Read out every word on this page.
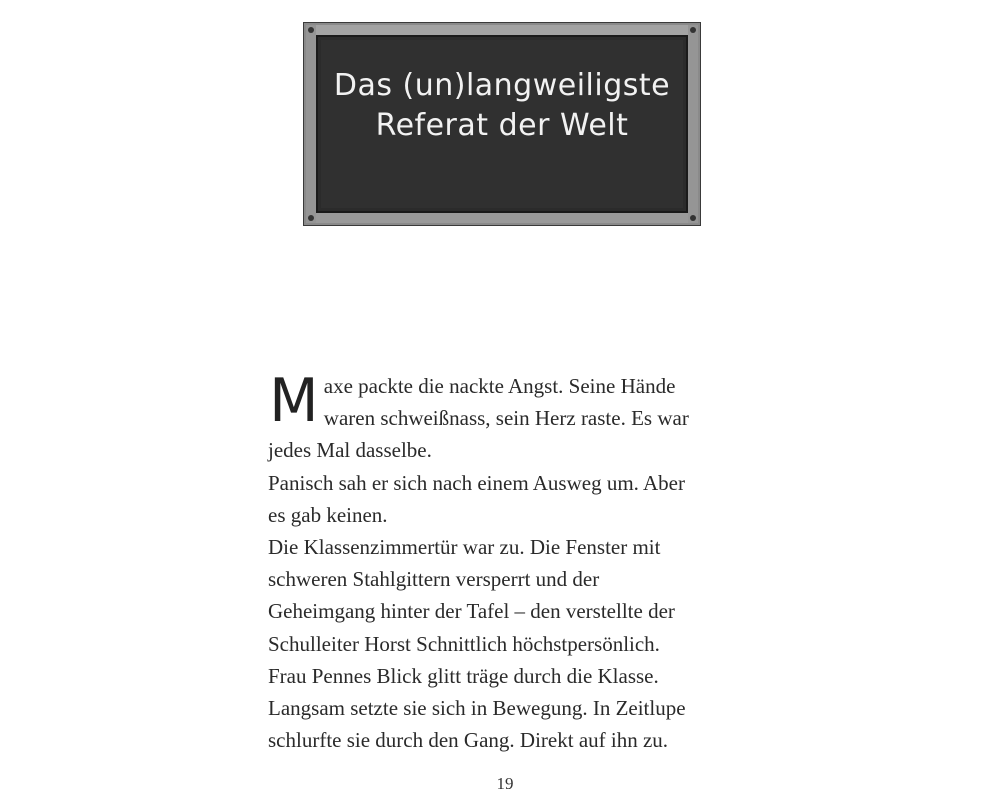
Das (un)langweiligste
Referat der Welt
M axe packte die nackte Angst. Seine Hände
waren schweißnass, sein Herz raste. Es war
jedes Mal dasselbe.
Panisch sah er sich nach einem Ausweg um. Aber
es gab keinen.
Die Klassenzimmertür war zu. Die Fenster mit
schweren Stahlgittern versperrt und der
Geheimgang hinter der Tafel – den verstellte der
Schulleiter Horst Schnittlich höchstpersönlich.
Frau Pennes Blick glitt träge durch die Klasse.
Langsam setzte sie sich in Bewegung. In Zeitlupe
schlurfte sie durch den Gang. Direkt auf ihn zu.
19
